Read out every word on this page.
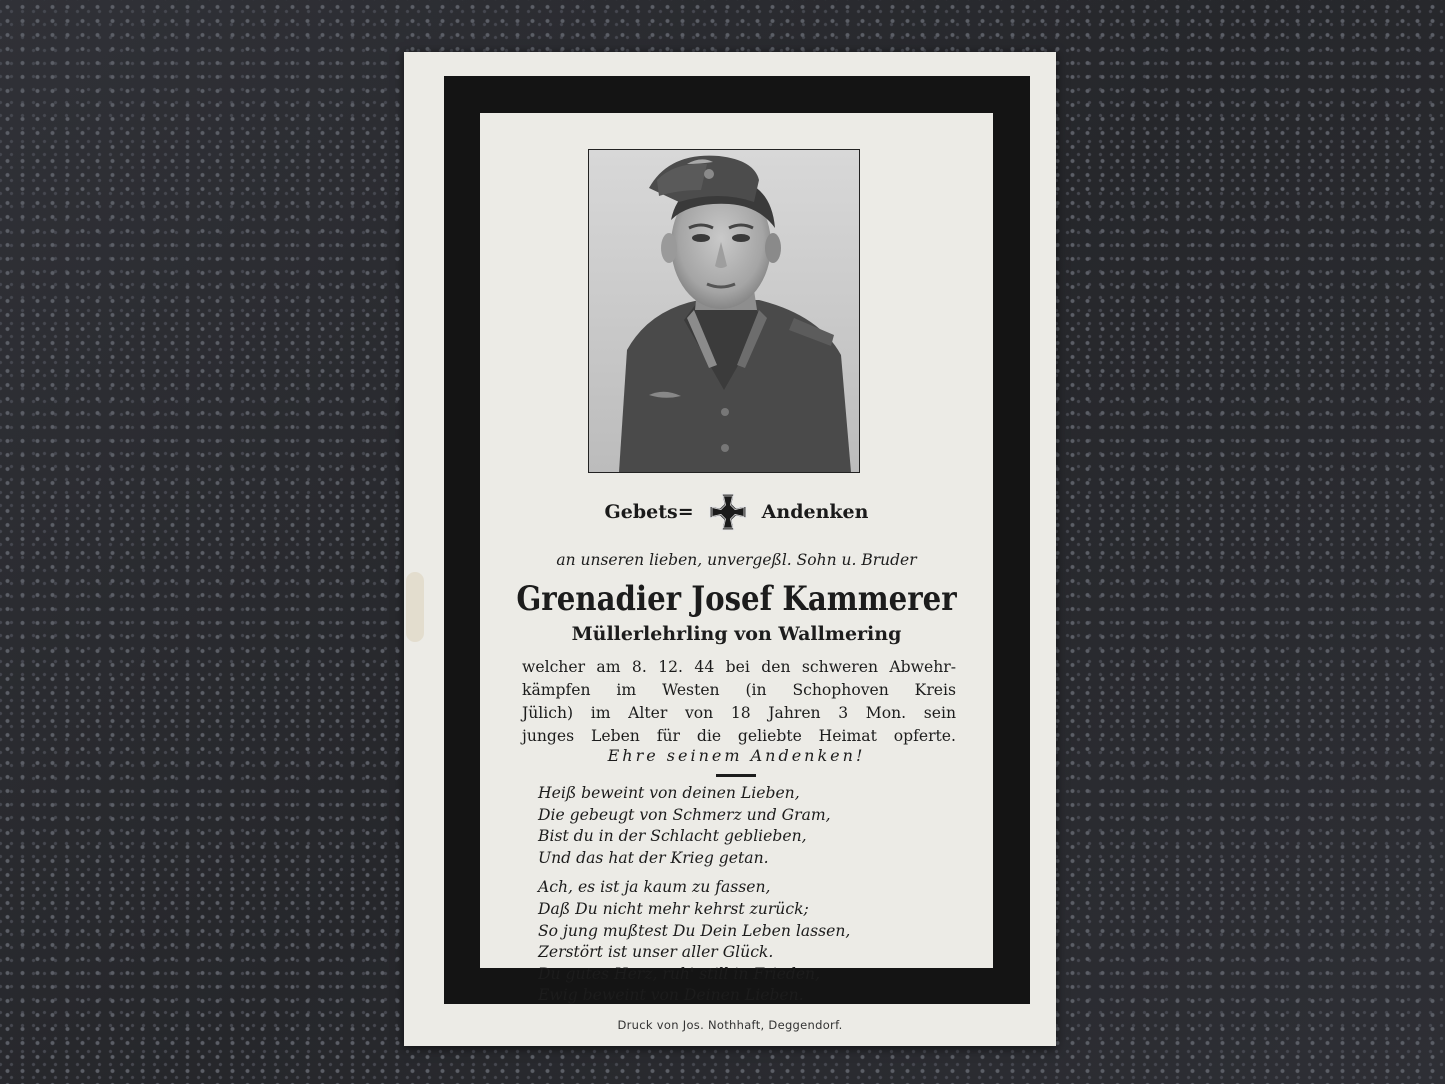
Gebets=	Andenken
an unseren lieben, unvergeßl. Sohn u. Bruder
Grenadier Josef Kammerer
Müllerlehrling von Wallmering
welcher am 8. 12. 44 bei den schweren Abwehr-
kämpfen im Westen (in Schophoven Kreis
Jülich) im Alter von 18 Jahren 3 Mon. sein
junges Leben für die geliebte Heimat opferte.
Ehre seinem Andenken!
Heiß beweint von deinen Lieben,
Die gebeugt von Schmerz und Gram,
Bist du in der Schlacht geblieben,
Und das hat der Krieg getan.
Ach, es ist ja kaum zu fassen,
Daß Du nicht mehr kehrst zurück;
So jung mußtest Du Dein Leben lassen,
Zerstört ist unser aller Glück.
Du gutes Herz, ruh' still in Frieden,
Ewig beweint von Deinen Lieben.
Druck von Jos. Nothhaft, Deggendorf.
